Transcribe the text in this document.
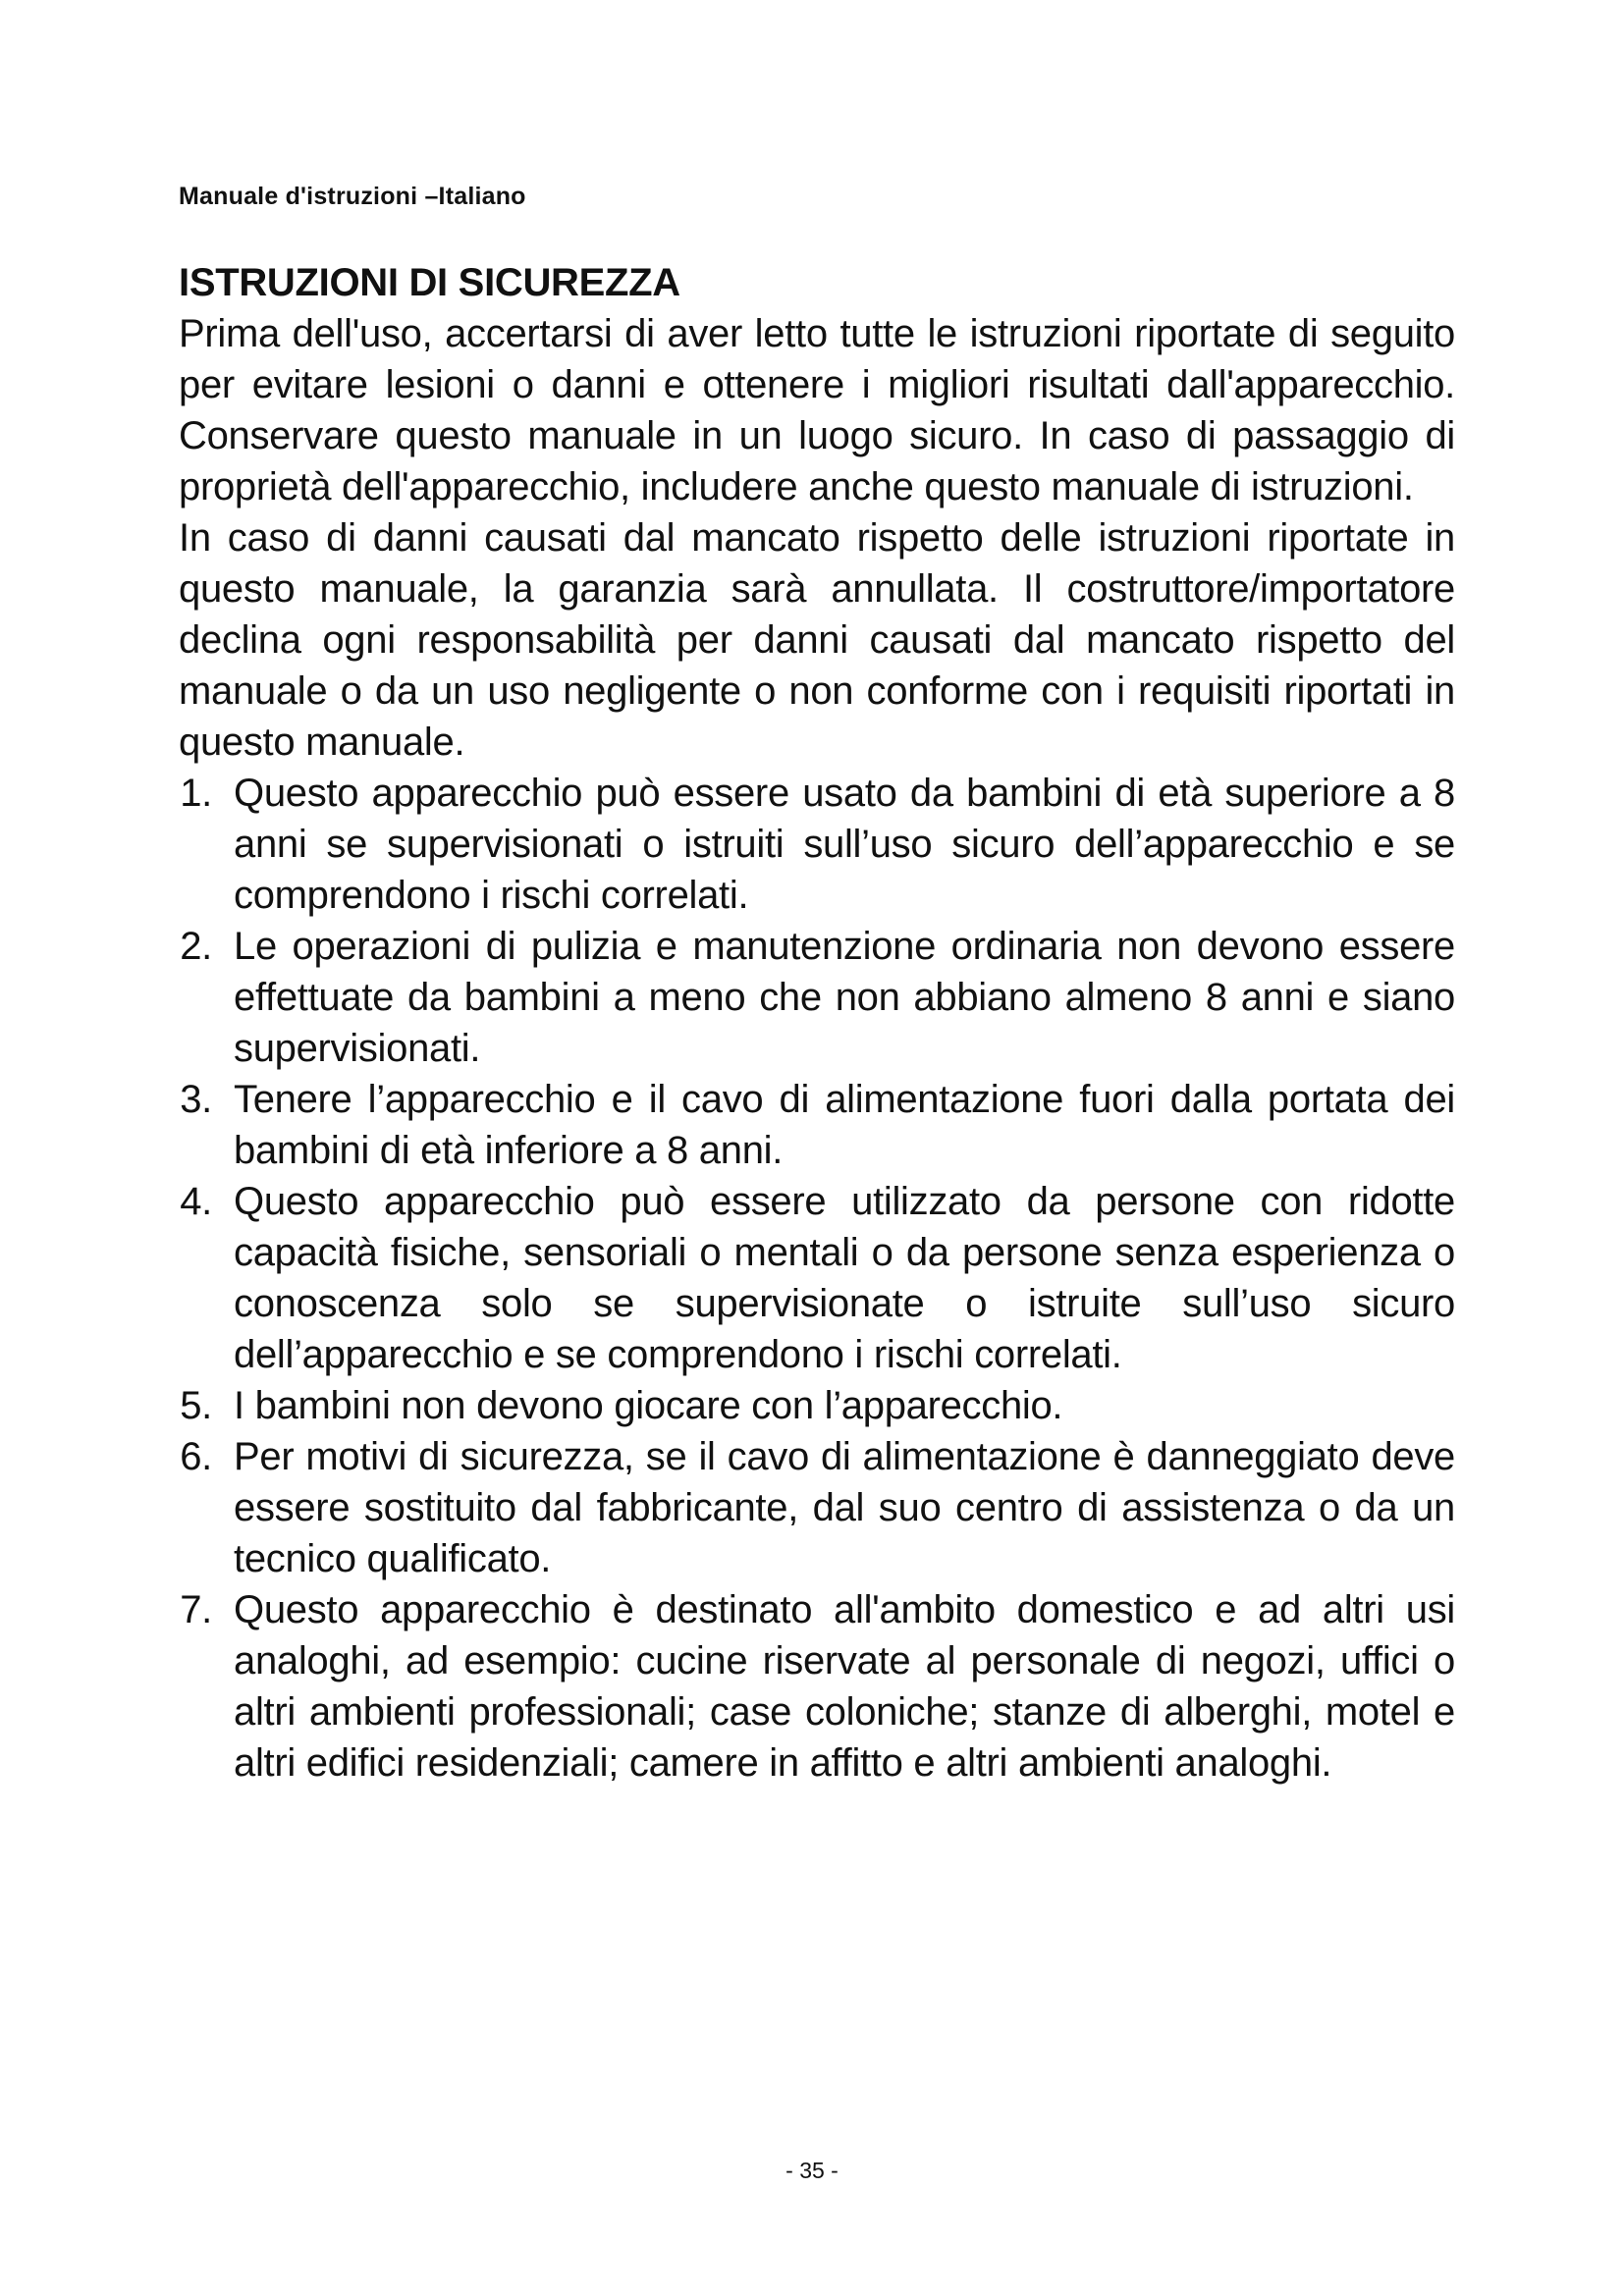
Manuale d'istruzioni –Italiano
ISTRUZIONI DI SICUREZZA

Prima dell'uso, accertarsi di aver letto tutte le istruzioni riportate di seguito per evitare lesioni o danni e ottenere i migliori risultati dall'apparecchio. Conservare questo manuale in un luogo sicuro. In caso di passaggio di proprietà dell'apparecchio, includere anche questo manuale di istruzioni.

In caso di danni causati dal mancato rispetto delle istruzioni riportate in questo manuale, la garanzia sarà annullata. Il costruttore/importatore declina ogni responsabilità per danni causati dal mancato rispetto del manuale o da un uso negligente o non conforme con i requisiti riportati in questo manuale.

1. Questo apparecchio può essere usato da bambini di età superiore a 8 anni se supervisionati o istruiti sull’uso sicuro dell’apparecchio e se comprendono i rischi correlati.
2. Le operazioni di pulizia e manutenzione ordinaria non devono essere effettuate da bambini a meno che non abbiano almeno 8 anni e siano supervisionati.
3. Tenere l’apparecchio e il cavo di alimentazione fuori dalla portata dei bambini di età inferiore a 8 anni.
4. Questo apparecchio può essere utilizzato da persone con ridotte capacità fisiche, sensoriali o mentali o da persone senza esperienza o conoscenza solo se supervisionate o istruite sull’uso sicuro dell’apparecchio e se comprendono i rischi correlati.
5. I bambini non devono giocare con l’apparecchio.
6. Per motivi di sicurezza, se il cavo di alimentazione è danneggiato deve essere sostituito dal fabbricante, dal suo centro di assistenza o da un tecnico qualificato.
7. Questo apparecchio è destinato all'ambito domestico e ad altri usi analoghi, ad esempio: cucine riservate al personale di negozi, uffici o altri ambienti professionali; case coloniche; stanze di alberghi, motel e altri edifici residenziali; camere in affitto e altri ambienti analoghi.
- 35 -
